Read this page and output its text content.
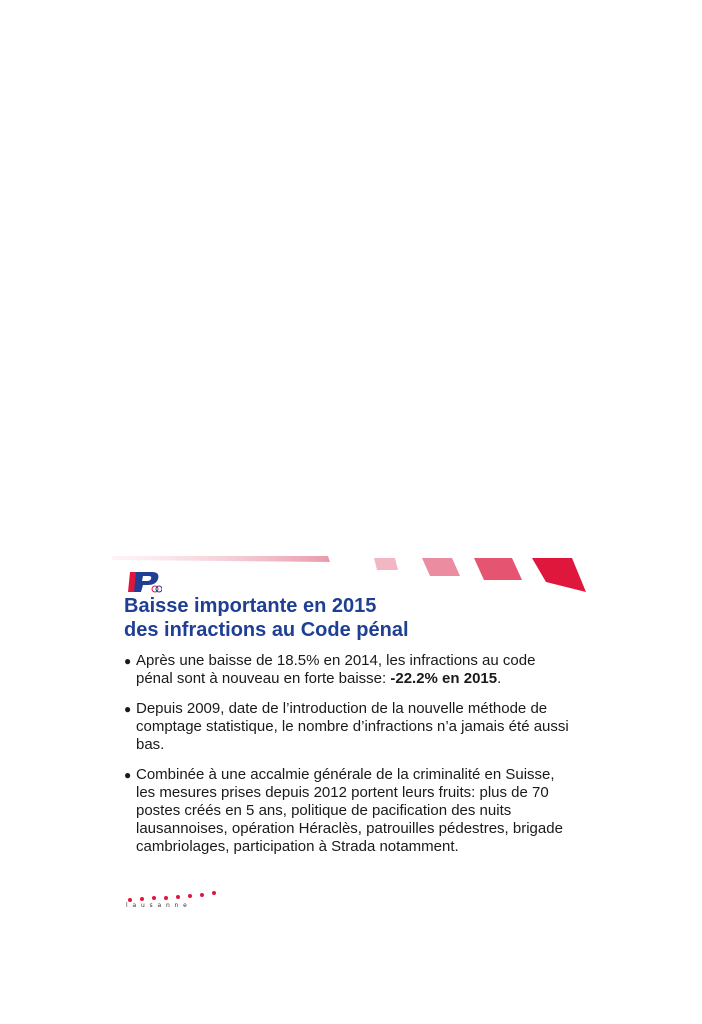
Baisse importante en 2015
des infractions au Code pénal
● Après une baisse de 18.5% en 2014, les infractions au code pénal sont à nouveau en forte baisse: -22.2% en 2015.
● Depuis 2009, date de l’introduction de la nouvelle méthode de comptage statistique, le nombre d’infractions n’a jamais été aussi bas.
● Combinée à une accalmie générale de la criminalité en Suisse, les mesures prises depuis 2012 portent leurs fruits: plus de 70 postes créés en 5 ans, politique de pacification des nuits lausannoises, opération Héraclès, patrouilles pédestres, brigade cambriolages, participation à Strada notamment.
lausanne
